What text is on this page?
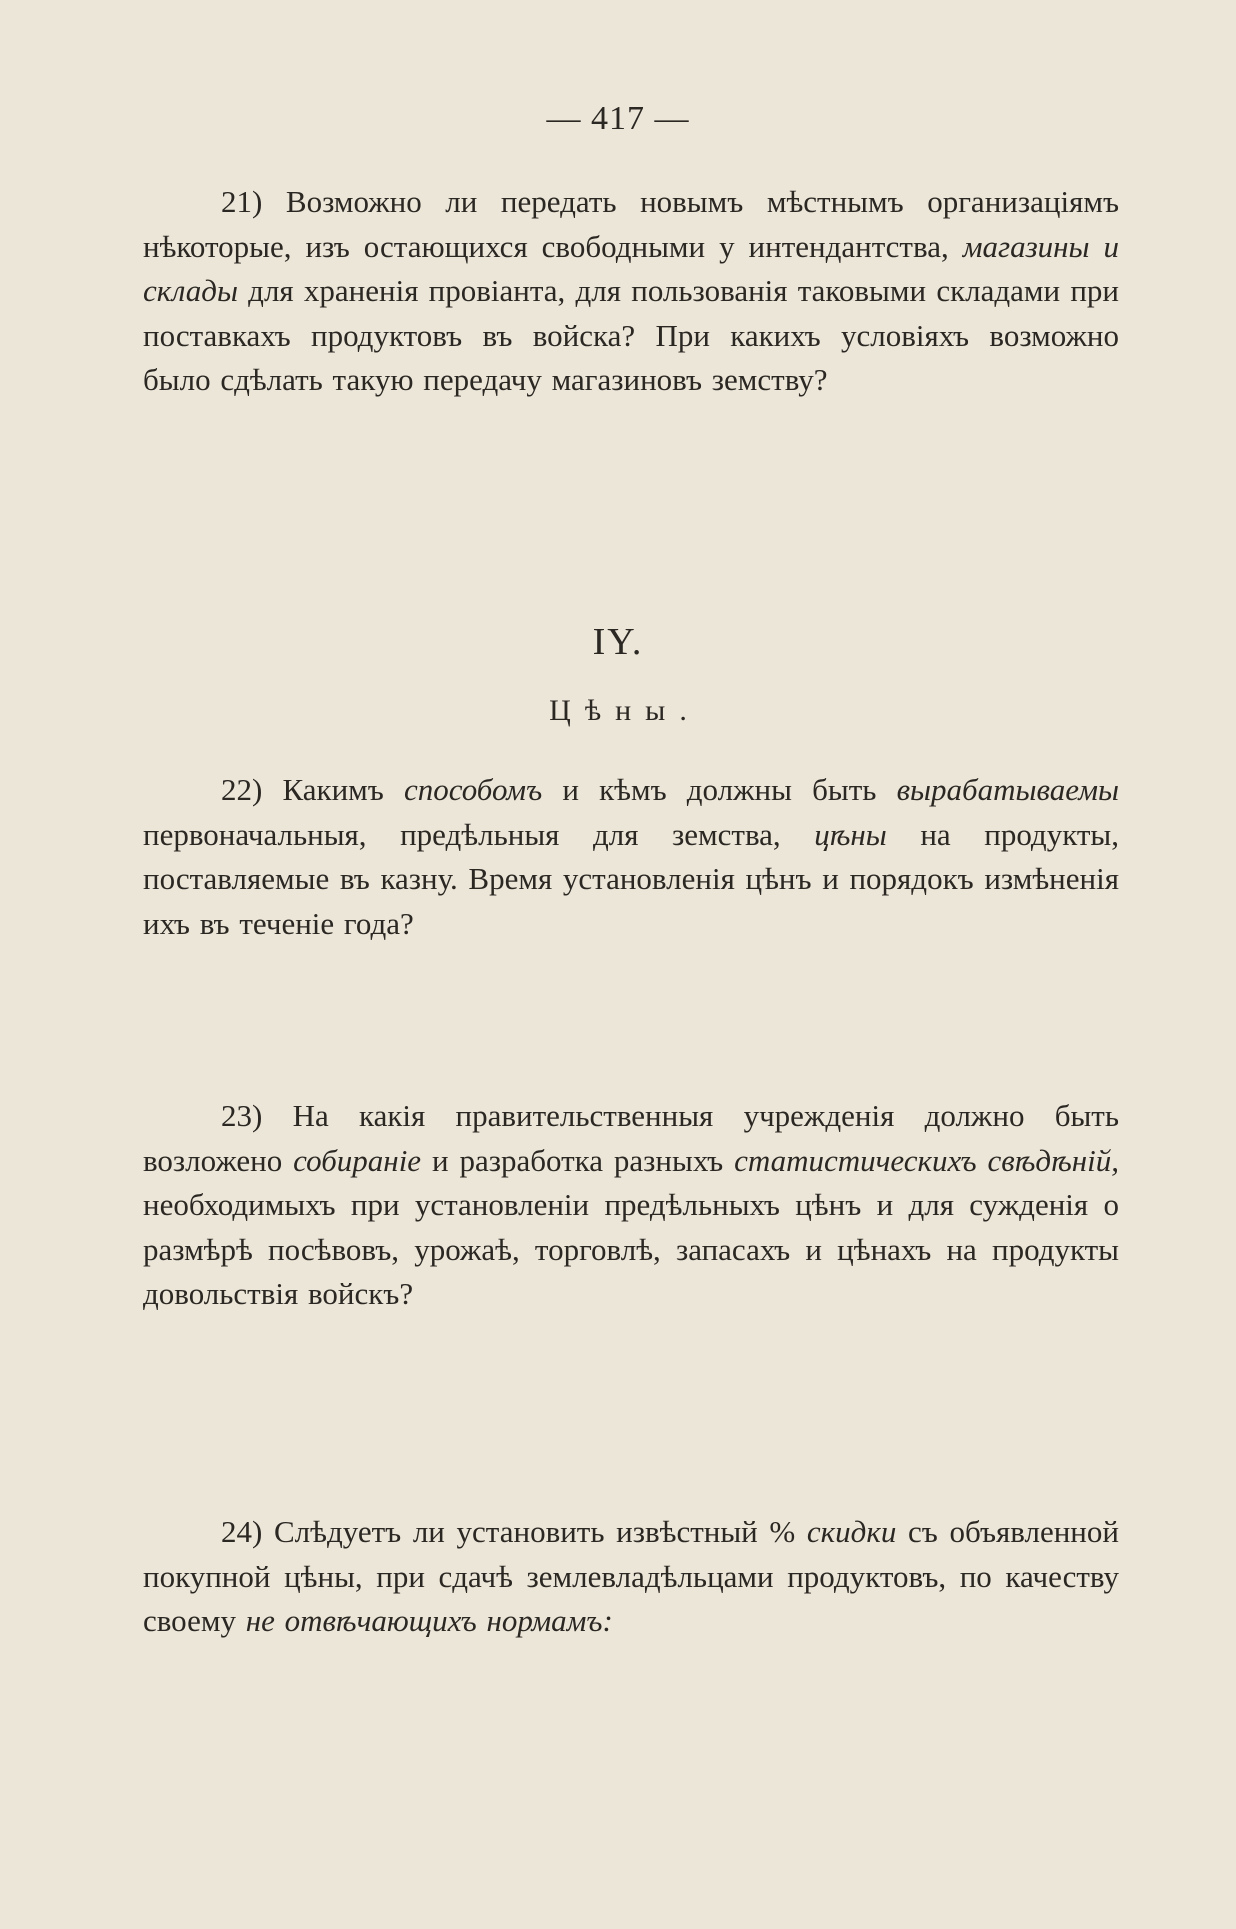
— 417 —

21) Возможно ли передать новымъ мѣстнымъ организаціямъ нѣкоторые, изъ остающихся свободными у интендантства, магазины и склады для храненія провіанта, для пользованія таковыми складами при поставкахъ продуктовъ въ войска? При какихъ условіяхъ возможно было сдѣлать такую передачу магазиновъ земству?

IY.
Цѣны.

22) Какимъ способомъ и кѣмъ должны быть вырабатываемы первоначальныя, предѣльныя для земства, цѣны на продукты, поставляемые въ казну. Время установленія цѣнъ и порядокъ измѣненія ихъ въ теченіе года?

23) На какія правительственныя учрежденія должно быть возложено собираніе и разработка разныхъ статистическихъ свѣдѣній, необходимыхъ при установленіи предѣльныхъ цѣнъ и для сужденія о размѣрѣ посѣвовъ, урожаѣ, торговлѣ, запасахъ и цѣнахъ на продукты довольствія войскъ?

24) Слѣдуетъ ли установить извѣстный % скидки съ объявленной покупной цѣны, при сдачѣ землевладѣльцами продуктовъ, по качеству своему не отвѣчающихъ нормамъ:
